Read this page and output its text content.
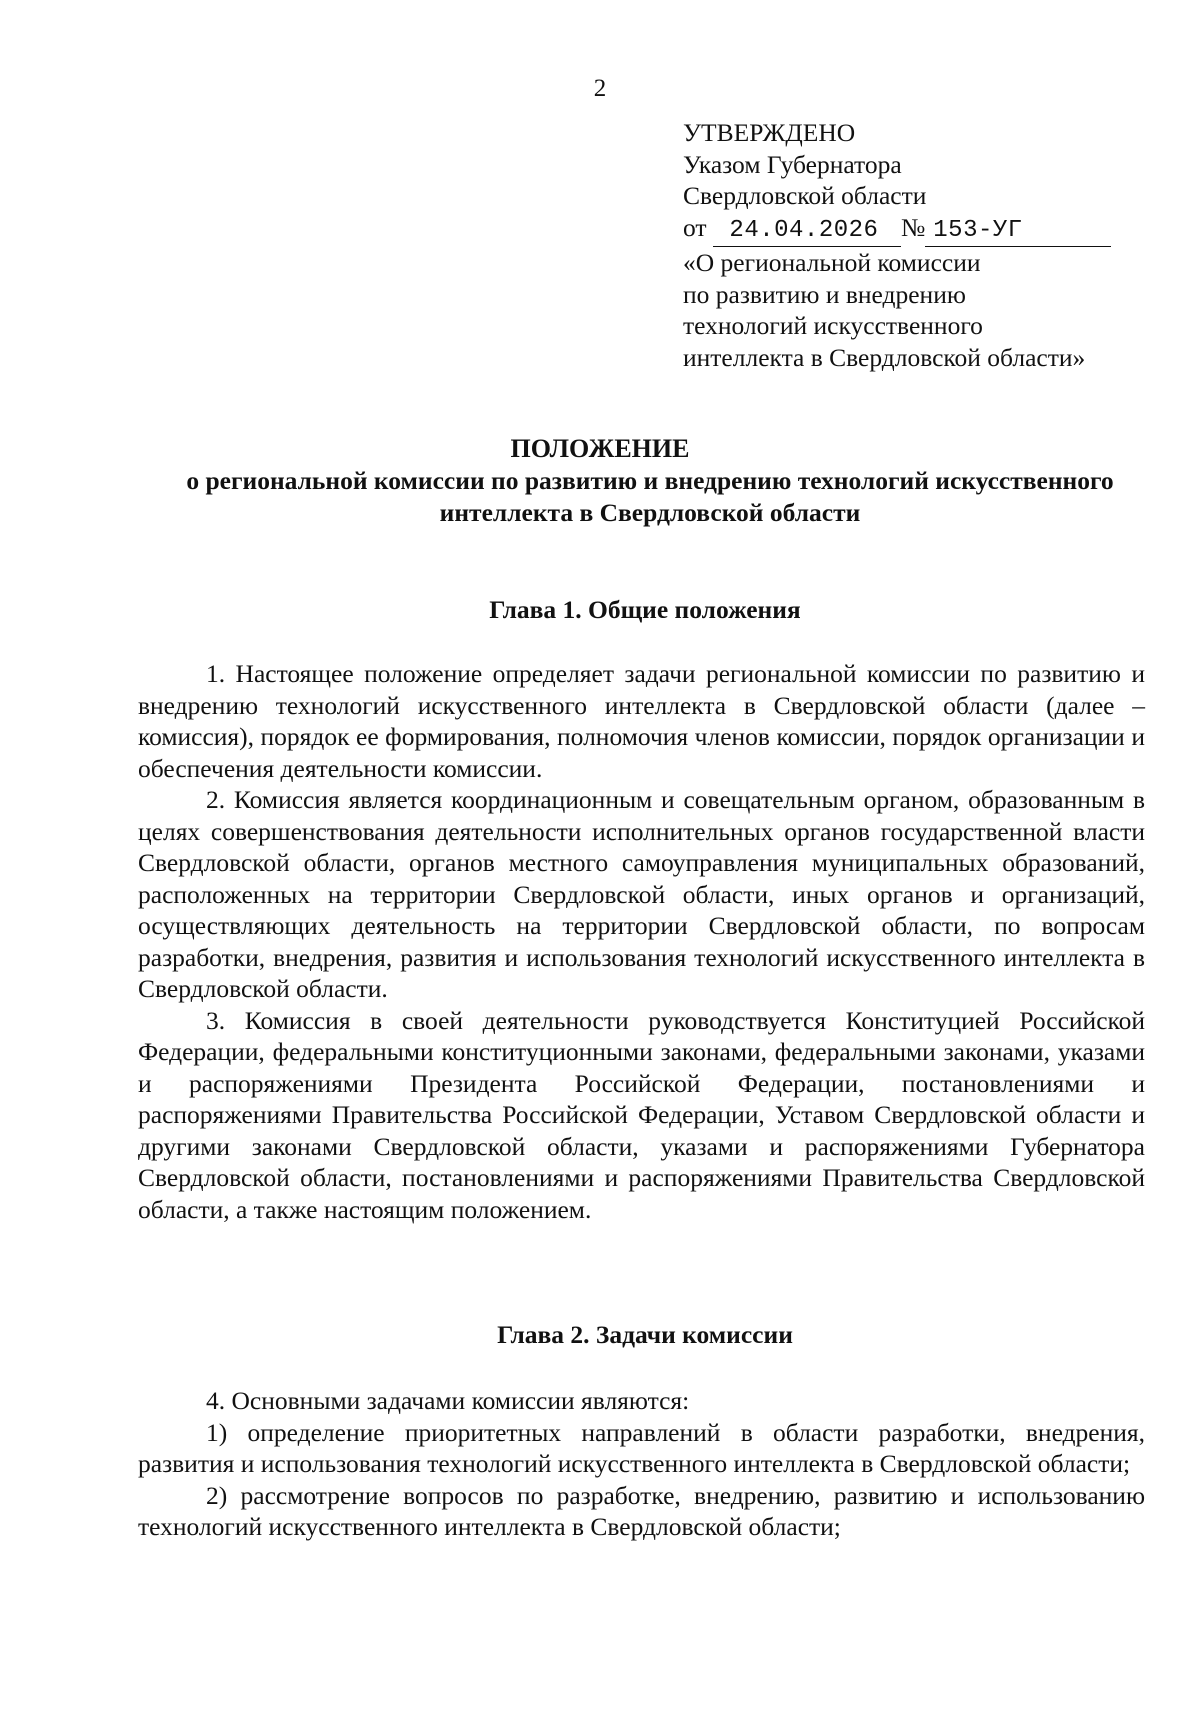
2
УТВЕРЖДЕНО
Указом Губернатора
Свердловской области
от 24.04.2026 № 153-УГ
«О региональной комиссии
по развитию и внедрению
технологий искусственного
интеллекта в Свердловской области»
ПОЛОЖЕНИЕ
о региональной комиссии по развитию и внедрению технологий искусственного интеллекта в Свердловской области
Глава 1. Общие положения

1. Настоящее положение определяет задачи региональной комиссии по развитию и внедрению технологий искусственного интеллекта в Свердловской области (далее – комиссия), порядок ее формирования, полномочия членов комиссии, порядок организации и обеспечения деятельности комиссии.

2. Комиссия является координационным и совещательным органом, образованным в целях совершенствования деятельности исполнительных органов государственной власти Свердловской области, органов местного самоуправления муниципальных образований, расположенных на территории Свердловской области, иных органов и организаций, осуществляющих деятельность на территории Свердловской области, по вопросам разработки, внедрения, развития и использования технологий искусственного интеллекта в Свердловской области.

3. Комиссия в своей деятельности руководствуется Конституцией Российской Федерации, федеральными конституционными законами, федеральными законами, указами и распоряжениями Президента Российской Федерации, постановлениями и распоряжениями Правительства Российской Федерации, Уставом Свердловской области и другими законами Свердловской области, указами и распоряжениями Губернатора Свердловской области, постановлениями и распоряжениями Правительства Свердловской области, а также настоящим положением.

Глава 2. Задачи комиссии

4. Основными задачами комиссии являются:

1) определение приоритетных направлений в области разработки, внедрения, развития и использования технологий искусственного интеллекта в Свердловской области;

2) рассмотрение вопросов по разработке, внедрению, развитию и использованию технологий искусственного интеллекта в Свердловской области;
